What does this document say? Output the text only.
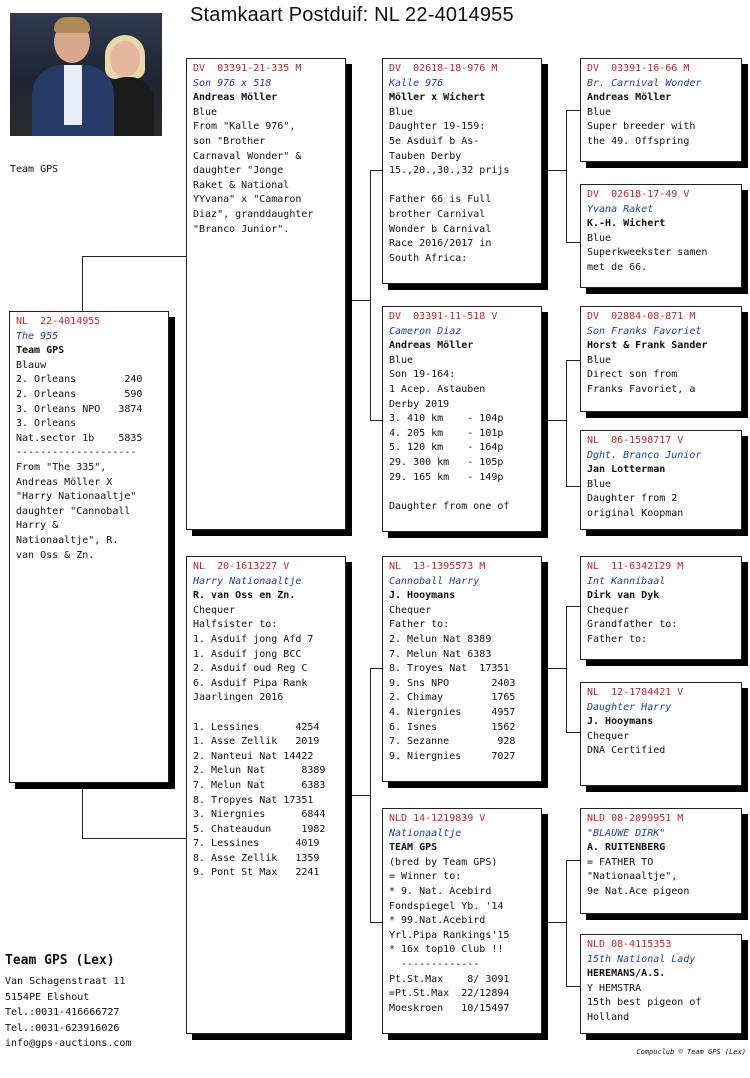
Stamkaart Postduif: NL 22-4014955
Team GPS
NL  22-4014955
The 955
Team GPS
Blauw
2. Orleans        240
2. Orleans        590
3. Orleans NPO   3874
3. Orleans
Nat.sector 1b    5835
--------------------
From "The 335",
Andreas Möller X
"Harry Nationaaltje"
daughter "Cannoball
Harry &
Nationaaltje", R.
van Oss & Zn.
DV  03391-21-335 M
Son 976 x 518
Andreas Möller
Blue
From "Kalle 976",
son "Brother
Carnaval Wonder" &
daughter "Jonge
Raket & National
YYvana" x "Camaron
Diaz", granddaughter
"Branco Junior".
NL  20-1613227 V
Harry Nationaaltje
R. van Oss en Zn.
Chequer
Halfsister to:
1. Asduif jong Afd 7
1. Asduif jong BCC
2. Asduif oud Reg C
6. Asduif Pipa Rank
Jaarlingen 2016

1. Lessines      4254
1. Asse Zellik   2019
2. Nanteui Nat 14422
2. Melun Nat      8389
7. Melun Nat      6383
8. Tropyes Nat 17351
3. Niergnies      6844
5. Chateaudun     1982
7. Lessines      4019
8. Asse Zellik   1359
9. Pont St Max   2241
DV  02618-18-976 M
Kalle 976
Möller x Wichert
Blue
Daughter 19-159:
5e Asduif b As-
Tauben Derby
15.,20.,30.,32 prijs

Father 66 is Full
brother Carnival
Wonder b Carnival
Race 2016/2017 in
South Africa:
DV  03391-11-518 V
Cameron Diaz
Andreas Möller
Blue
Son 19-164:
1 Acep. Astauben
Derby 2019
3. 410 km    - 104p
4. 205 km    - 101p
5. 120 km    - 164p
29. 300 km   - 105p
29. 165 km   - 149p

Daughter from one of
NL  13-1395573 M
Cannoball Harry
J. Hooymans
Chequer
Father to:
2. Melun Nat 8389
7. Melun Nat 6383
8. Troyes Nat  17351
9. Sns NPO       2403
2. Chimay        1765
4. Niergnies     4957
6. Isnes         1562
7. Sezanne        928
9. Niergnies     7027
NLD 14-1219839 V
Nationaaltje
TEAM GPS
(bred by Team GPS)
= Winner to:
* 9. Nat. Acebird
Fondspiegel Yb. '14
* 99.Nat.Acebird
Yrl.Pipa Rankings'15
* 16x top10 Club !!
-------------
Pt.St.Max    8/ 3091
=Pt.St.Max  22/12894
Moeskroen   10/15497
DV  03391-16-66 M
Br. Carnival Wonder
Andreas Möller
Blue
Super breeder with
the 49. Offspring
DV  02618-17-49 V
Yvana Raket
K.-H. Wichert
Blue
Superkweekster samen
met de 66.
DV  02884-08-871 M
Son Franks Favoriet
Horst & Frank Sander
Blue
Direct son from
Franks Favoriet, a
NL  06-1598717 V
Dght. Branco Junior
Jan Lotterman
Blue
Daughter from 2
original Koopman
NL  11-6342129 M
Int Kannibaal
Dirk van Dyk
Chequer
Grandfather to:
Father to:
NL  12-1784421 V
Daughter Harry
J. Hooymans
Chequer
DNA Certified
NLD 08-2099951 M
"BLAUWE DIRK"
A. RUITENBERG
= FATHER TO
"Nationaaltje",
9e Nat.Ace pigeon
NLD 08-4115353
15th National Lady
HEREMANS/A.S.
Y HEMSTRA
15th best pigeon of
Holland
Team GPS (Lex)
Van Schagenstraat 11
5154PE Elshout
Tel.:0031-416666727
Tel.:0031-623916026
info@gps-auctions.com
Compuclub © Team GPS (Lex)
